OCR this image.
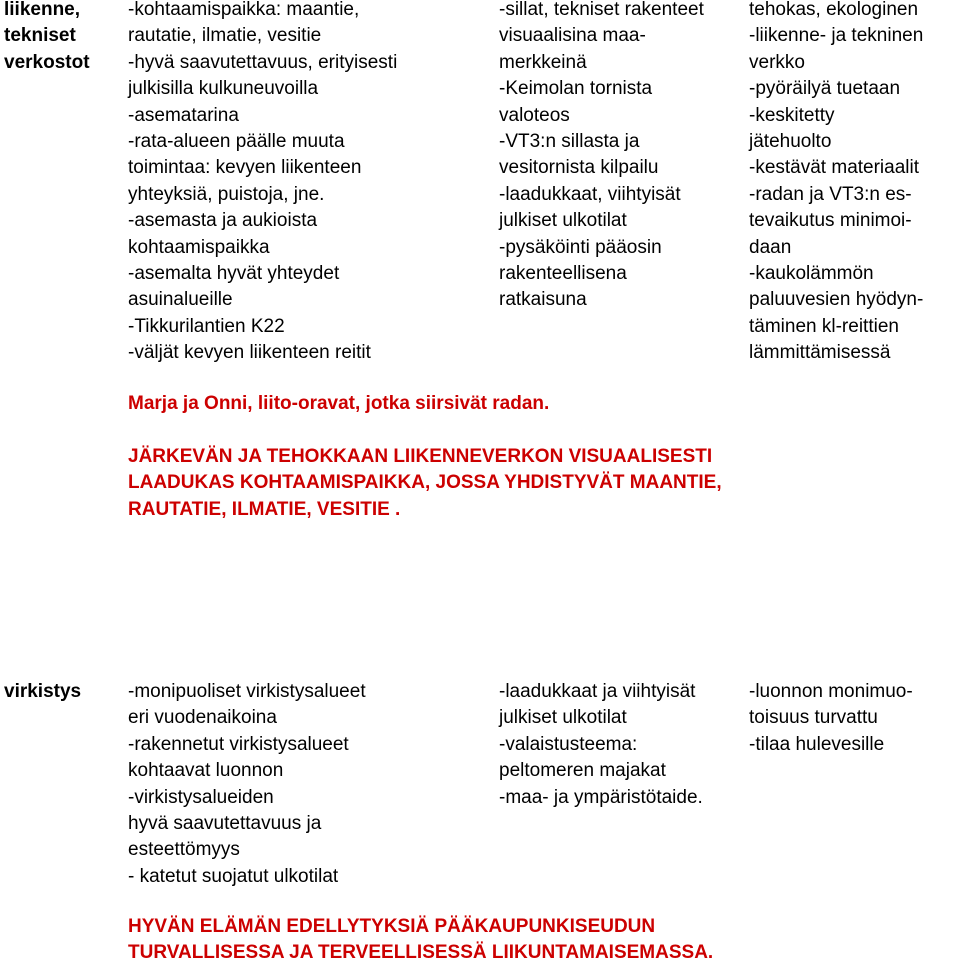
liikenne,
tekniset
verkostot
-kohtaamispaikka: maantie,
rautatie, ilmatie, vesitie
-hyvä saavutettavuus, erityisesti
julkisilla kulkuneuvoilla
-asematarina
-rata-alueen päälle muuta
toimintaa: kevyen liikenteen
yhteyksiä, puistoja, jne.
-asemasta ja aukioista
kohtaamispaikka
-asemalta hyvät yhteydet
asuinalueille
-Tikkurilantien K22
-väljät kevyen liikenteen reitit
-sillat, tekniset rakenteet
visuaalisina maa-
merkkeinä
-Keimolan tornista
valoteos
-VT3:n sillasta ja
vesitornista kilpailu
-laadukkaat, viihtyisät
julkiset ulkotilat
-pysäköinti pääosin
rakenteellisena
ratkaisuna
tehokas, ekologinen
-liikenne- ja tekninen
verkko
-pyöräilyä tuetaan
-keskitetty
jätehuolto
-kestävät materiaalit
-radan ja VT3:n es-
tevaikutus minimoi-
daan
-kaukolämmön
paluuvesien hyödyn-
täminen kl-reittien
lämmittämisessä
Marja ja Onni, liito-oravat, jotka siirsivät radan.
JÄRKEVÄN JA TEHOKKAAN LIIKENNEVERKON VISUAALISESTI
LAADUKAS KOHTAAMISPAIKKA, JOSSA YHDISTYVÄT MAANTIE,
RAUTATIE, ILMATIE, VESITIE .
virkistys	-monipuoliset virkistysalueet
eri vuodenaikoina
-rakennetut virkistysalueet
kohtaavat luonnon
-virkistysalueiden
hyvä saavutettavuus ja
esteettömyys
- katetut suojatut ulkotilat
-laadukkaat ja viihtyisät
julkiset ulkotilat
-valaistusteema:
peltomeren majakat
-maa- ja ympäristötaide.
-luonnon monimuo-
toisuus turvattu
-tilaa hulevesille
HYVÄN ELÄMÄN EDELLYTYKSIÄ PÄÄKAUPUNKISEUDUN
TURVALLISESSA JA TERVEELLISESSÄ LIIKUNTAMAISEMASSA.
